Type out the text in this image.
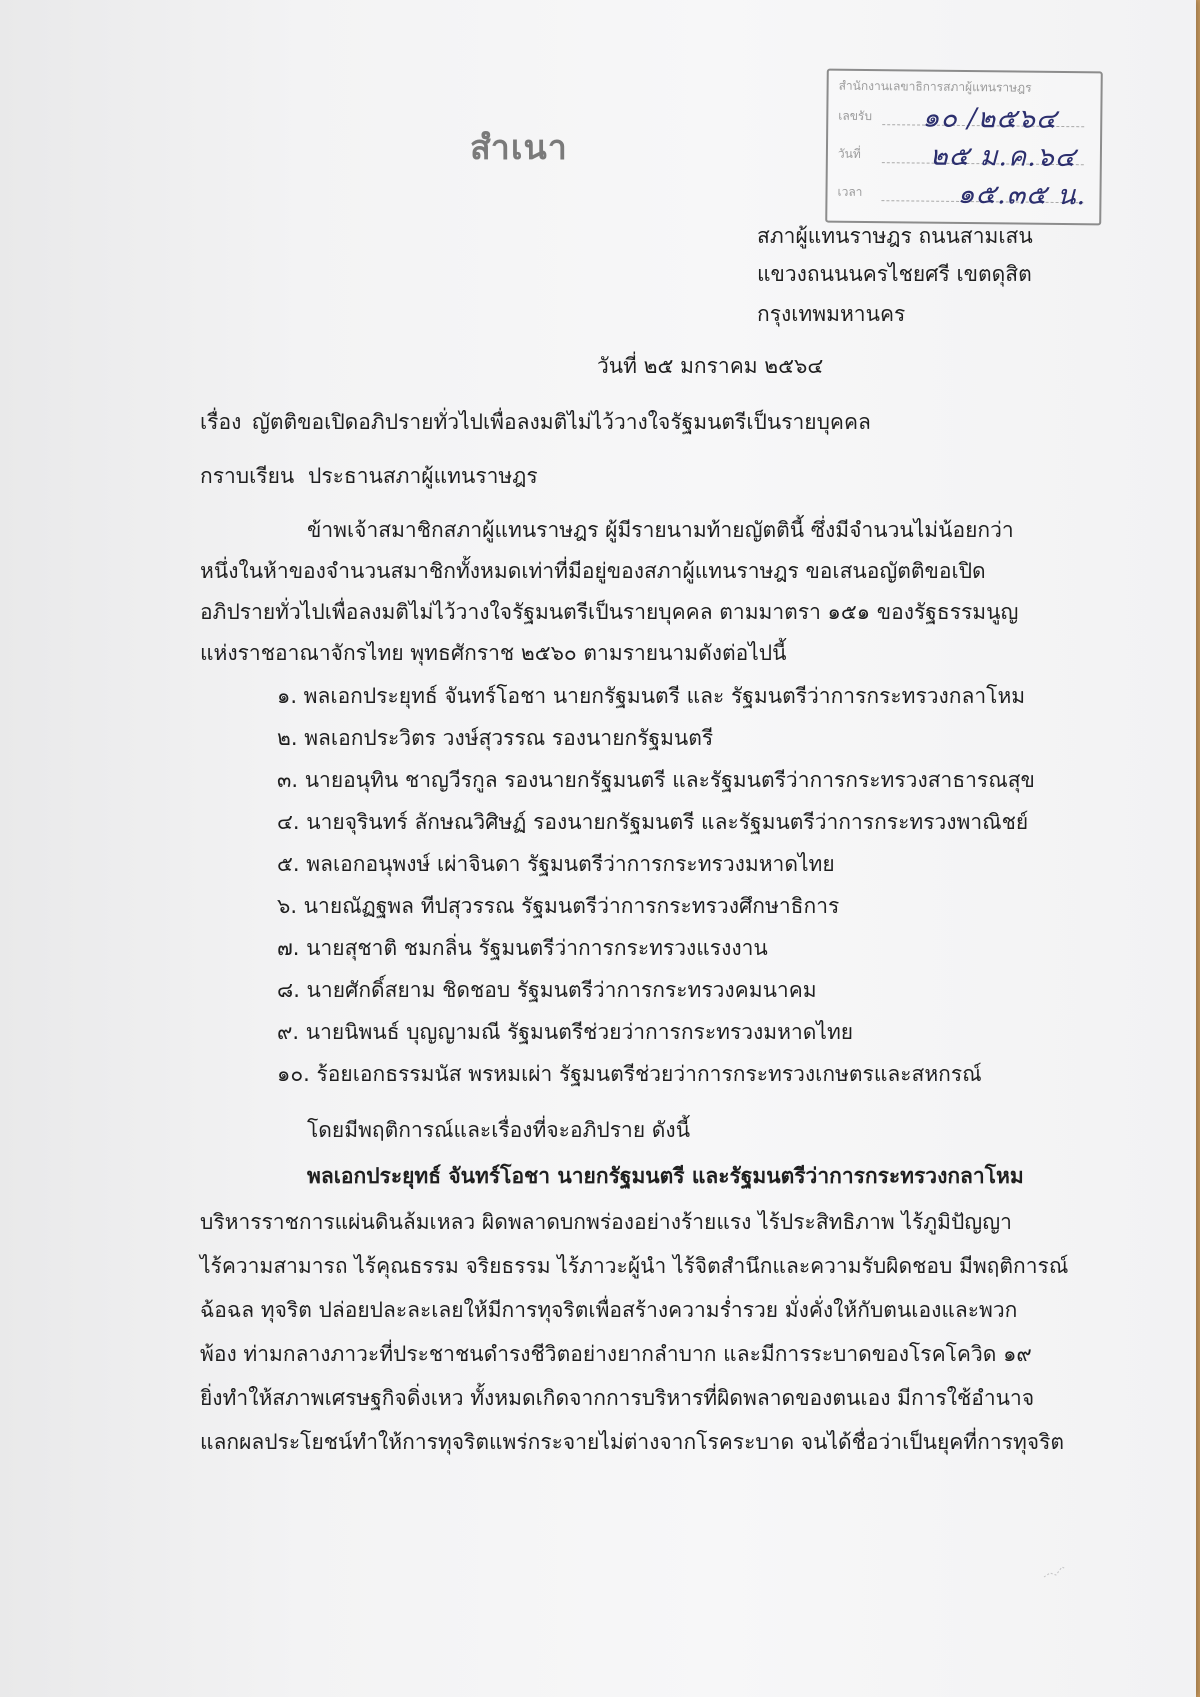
สำนักงานเลขาธิการสภาผู้แทนราษฎร
เลขรับ ๑๐ /๒๕๖๔
วันที่	๒๕ ม.ค.๖๔
เวลา	๑๕.๓๕ น.
สำเนา
สภาผู้แทนราษฎร ถนนสามเสน
แขวงถนนนครไชยศรี เขตดุสิต
กรุงเทพมหานคร
วันที่ ๒๕ มกราคม ๒๕๖๔
เรื่อง ญัตติขอเปิดอภิปรายทั่วไปเพื่อลงมติไม่ไว้วางใจรัฐมนตรีเป็นรายบุคคล
กราบเรียน ประธานสภาผู้แทนราษฎร
ข้าพเจ้าสมาชิกสภาผู้แทนราษฎร ผู้มีรายนามท้ายญัตตินี้ ซึ่งมีจำนวนไม่น้อยกว่า
หนึ่งในห้าของจำนวนสมาชิกทั้งหมดเท่าที่มีอยู่ของสภาผู้แทนราษฎร ขอเสนอญัตติขอเปิด
อภิปรายทั่วไปเพื่อลงมติไม่ไว้วางใจรัฐมนตรีเป็นรายบุคคล ตามมาตรา ๑๕๑ ของรัฐธรรมนูญ
แห่งราชอาณาจักรไทย พุทธศักราช ๒๕๖๐ ตามรายนามดังต่อไปนี้
๑. พลเอกประยุทธ์ จันทร์โอชา นายกรัฐมนตรี และ รัฐมนตรีว่าการกระทรวงกลาโหม
๒. พลเอกประวิตร วงษ์สุวรรณ รองนายกรัฐมนตรี
๓. นายอนุทิน ชาญวีรกูล รองนายกรัฐมนตรี และรัฐมนตรีว่าการกระทรวงสาธารณสุข
๔. นายจุรินทร์ ลักษณวิศิษฏ์ รองนายกรัฐมนตรี และรัฐมนตรีว่าการกระทรวงพาณิชย์
๕. พลเอกอนุพงษ์ เผ่าจินดา รัฐมนตรีว่าการกระทรวงมหาดไทย
๖. นายณัฏฐพล ทีปสุวรรณ รัฐมนตรีว่าการกระทรวงศึกษาธิการ
๗. นายสุชาติ ชมกลิ่น รัฐมนตรีว่าการกระทรวงแรงงาน
๘. นายศักดิ์สยาม ชิดชอบ รัฐมนตรีว่าการกระทรวงคมนาคม
๙. นายนิพนธ์ บุญญามณี รัฐมนตรีช่วยว่าการกระทรวงมหาดไทย
๑๐. ร้อยเอกธรรมนัส พรหมเผ่า รัฐมนตรีช่วยว่าการกระทรวงเกษตรและสหกรณ์
โดยมีพฤติการณ์และเรื่องที่จะอภิปราย ดังนี้
พลเอกประยุทธ์ จันทร์โอชา นายกรัฐมนตรี และรัฐมนตรีว่าการกระทรวงกลาโหม
บริหารราชการแผ่นดินล้มเหลว ผิดพลาดบกพร่องอย่างร้ายแรง ไร้ประสิทธิภาพ ไร้ภูมิปัญญา
ไร้ความสามารถ ไร้คุณธรรม จริยธรรม ไร้ภาวะผู้นำ ไร้จิตสำนึกและความรับผิดชอบ มีพฤติการณ์
ฉ้อฉล ทุจริต ปล่อยปละละเลยให้มีการทุจริตเพื่อสร้างความร่ำรวย มั่งคั่งให้กับตนเองและพวก
พ้อง ท่ามกลางภาวะที่ประชาชนดำรงชีวิตอย่างยากลำบาก และมีการระบาดของโรคโควิด ๑๙
ยิ่งทำให้สภาพเศรษฐกิจดิ่งเหว ทั้งหมดเกิดจากการบริหารที่ผิดพลาดของตนเอง มีการใช้อำนาจ
แลกผลประโยชน์ทำให้การทุจริตแพร่กระจายไม่ต่างจากโรคระบาด จนได้ชื่อว่าเป็นยุคที่การทุจริต
